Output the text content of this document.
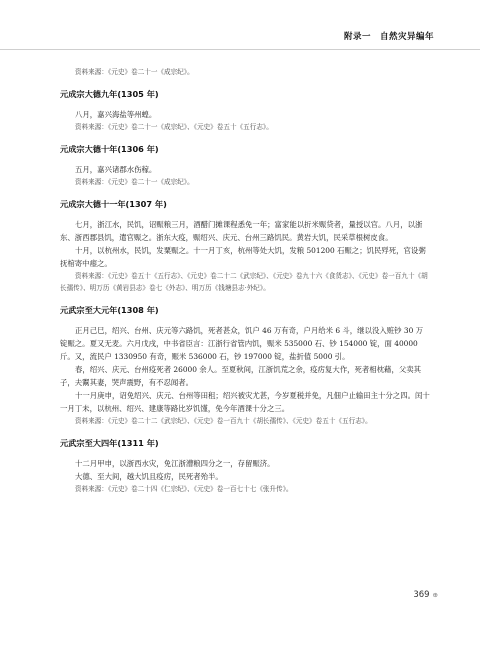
附录一　自然灾异编年

资料来源：《元史》卷二十一《成宗纪》。

元成宗大德九年(1305 年)

八月，嘉兴海盐等州蝗。

资料来源：《元史》卷二十一《成宗纪》、《元史》卷五十《五行志》。

元成宗大德十年(1306 年)

五月，嘉兴诸郡水伤稼。

资料来源：《元史》卷二十一《成宗纪》。

元成宗大德十一年(1307 年)

七月，浙江水，民饥，诏赈粮三月，酒醋门摊课程悉免一年；富家能以折米赈贷者，量授以官。八月，以浙东、浙西郡县饥，遣官赈之。浙东大疫，赈绍兴、庆元、台州三路饥民。黄岩大饥，民采草根树皮食。

十月，以杭州水，民饥，发粟赈之。十一月丁亥，杭州等处大饥，发粮 501200 石赈之；饥民殍死，官设粥抚棺寄中瘗之。

资料来源：《元史》卷五十《五行志》、《元史》卷二十二《武宗纪》、《元史》卷九十六《食货志》、《元史》卷一百九十《胡长孺传》、明万历《黄岩县志》卷七《外志》、明万历《钱塘县志·外纪》。

元武宗至大元年(1308 年)

正月己巳，绍兴、台州、庆元等六路饥，死者甚众，饥户 46 万有奇，户月给米 6 斗，继以没入赃钞 30 万锭赈之。夏又无麦。六月戊戌，中书省臣言：江浙行省管内饥，赈米 535000 石、钞 154000 锭，面 40000 斤。又，流民户 1330950 有奇，赈米 536000 石，钞 197000 锭，盐折值 5000 引。

春，绍兴、庆元、台州疫死者 26000 余人。至夏秋间，江浙饥荒之余，疫疠复大作，死者相枕藉，父卖其子，夫鬻其妻，哭声震野，有不忍闻者。

十一月庚申，诏免绍兴、庆元、台州等田租；绍兴被灾尤甚，今岁夏税并免，凡佃户止输田主十分之四。闰十一月丁未，以杭州、绍兴、建康等路比岁饥馑，免今年酒课十分之三。

资料来源：《元史》卷二十二《武宗纪》、《元史》卷一百九十《胡长孺传》、《元史》卷五十《五行志》。

元武宗至大四年(1311 年)

十二月甲申，以浙西水灾，免江浙漕粮四分之一，存留赈济。

大德、至大间，越大饥且疫疠，民死者殆半。

资料来源：《元史》卷二十四《仁宗纪》、《元史》卷一百七十七《张升传》。

369 ⊕
